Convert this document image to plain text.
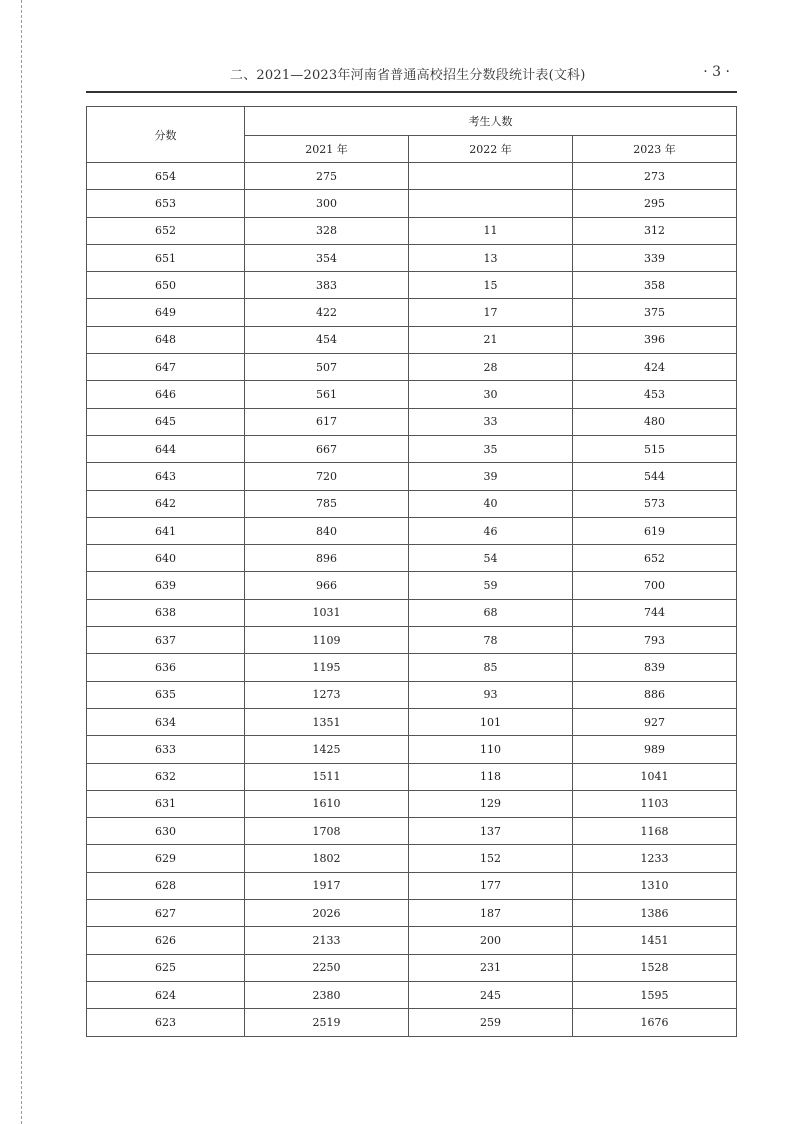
二、2021—2023年河南省普通高校招生分数段统计表(文科)	· 3 ·
分数	考生人数		
	2021 年	2022 年	2023 年
654	275		273
653	300		295
652	328	11	312
651	354	13	339
650	383	15	358
649	422	17	375
648	454	21	396
647	507	28	424
646	561	30	453
645	617	33	480
644	667	35	515
643	720	39	544
642	785	40	573
641	840	46	619
640	896	54	652
639	966	59	700
638	1031	68	744
637	1109	78	793
636	1195	85	839
635	1273	93	886
634	1351	101	927
633	1425	110	989
632	1511	118	1041
631	1610	129	1103
630	1708	137	1168
629	1802	152	1233
628	1917	177	1310
627	2026	187	1386
626	2133	200	1451
625	2250	231	1528
624	2380	245	1595
623	2519	259	1676
